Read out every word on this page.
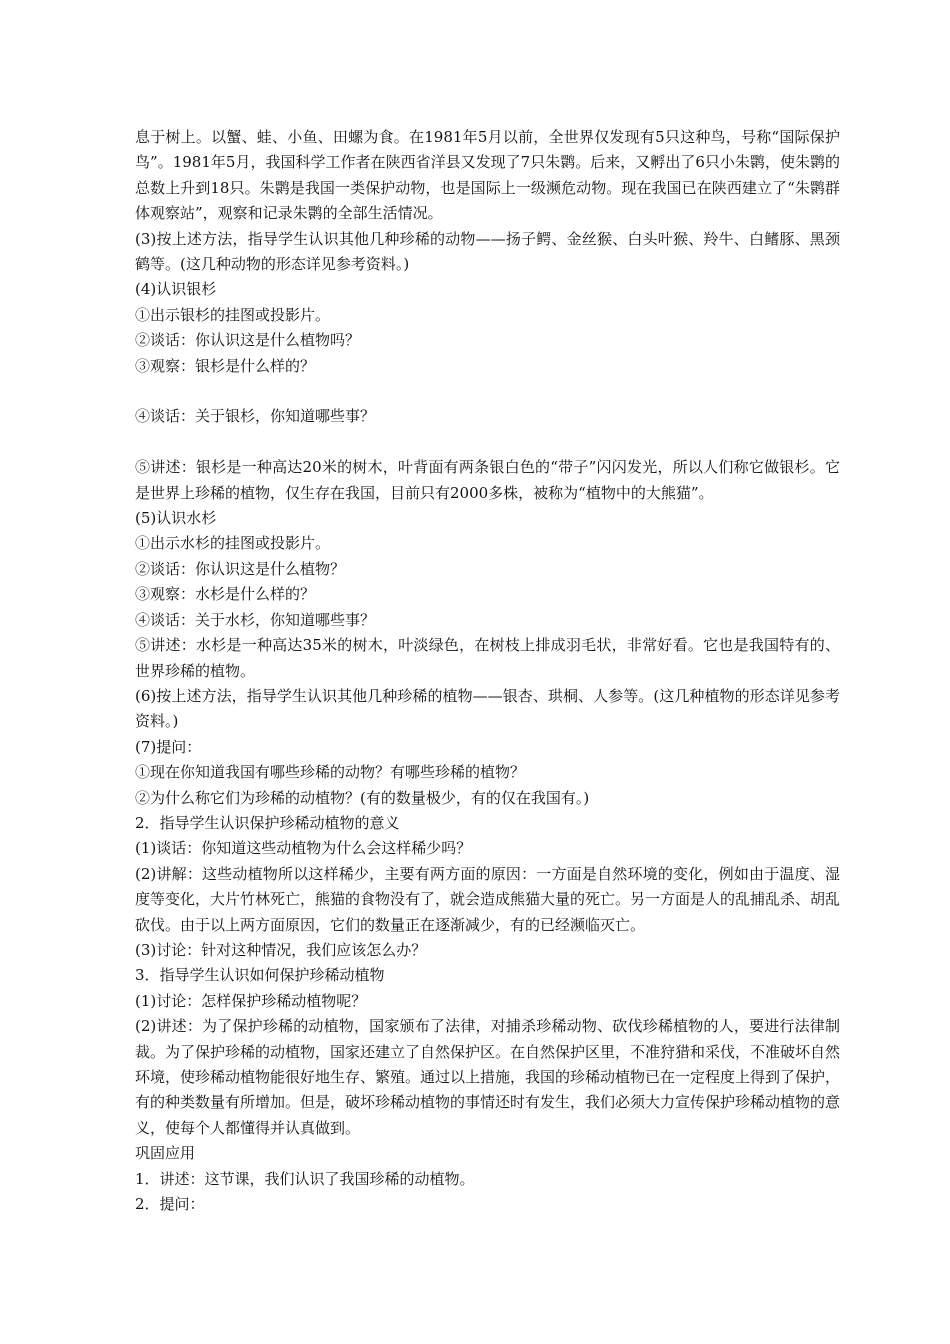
息于树上。以蟹、蛙、小鱼、田螺为食。在1981年5月以前，全世界仅发现有5只这种鸟，号称“国际保护鸟”。1981年5月，我国科学工作者在陕西省洋县又发现了7只朱鹮。后来，又孵出了6只小朱鹮，使朱鹮的总数上升到18只。朱鹮是我国一类保护动物，也是国际上一级濒危动物。现在我国已在陕西建立了“朱鹮群体观察站”，观察和记录朱鹮的全部生活情况。

(3)按上述方法，指导学生认识其他几种珍稀的动物——扬子鳄、金丝猴、白头叶猴、羚牛、白鳍豚、黑颈鹤等。(这几种动物的形态详见参考资料。)

(4)认识银杉

①出示银杉的挂图或投影片。

②谈话：你认识这是什么植物吗？

③观察：银杉是什么样的？

④谈话：关于银杉，你知道哪些事？

⑤讲述：银杉是一种高达20米的树木，叶背面有两条银白色的“带子”闪闪发光，所以人们称它做银杉。它是世界上珍稀的植物，仅生存在我国，目前只有2000多株，被称为“植物中的大熊猫”。

(5)认识水杉

①出示水杉的挂图或投影片。

②谈话：你认识这是什么植物？

③观察：水杉是什么样的？

④谈话：关于水杉，你知道哪些事？

⑤讲述：水杉是一种高达35米的树木，叶淡绿色，在树枝上排成羽毛状，非常好看。它也是我国特有的、世界珍稀的植物。

(6)按上述方法，指导学生认识其他几种珍稀的植物——银杏、珙桐、人参等。(这几种植物的形态详见参考资料。)

(7)提问：

①现在你知道我国有哪些珍稀的动物？有哪些珍稀的植物？

②为什么称它们为珍稀的动植物？(有的数量极少，有的仅在我国有。)

2．指导学生认识保护珍稀动植物的意义

(1)谈话：你知道这些动植物为什么会这样稀少吗？

(2)讲解：这些动植物所以这样稀少，主要有两方面的原因：一方面是自然环境的变化，例如由于温度、湿度等变化，大片竹林死亡，熊猫的食物没有了，就会造成熊猫大量的死亡。另一方面是人的乱捕乱杀、胡乱砍伐。由于以上两方面原因，它们的数量正在逐渐减少，有的已经濒临灭亡。

(3)讨论：针对这种情况，我们应该怎么办？

3．指导学生认识如何保护珍稀动植物

(1)讨论：怎样保护珍稀动植物呢？

(2)讲述：为了保护珍稀的动植物，国家颁布了法律，对捕杀珍稀动物、砍伐珍稀植物的人，要进行法律制裁。为了保护珍稀的动植物，国家还建立了自然保护区。在自然保护区里，不准狩猎和采伐，不准破坏自然环境，使珍稀动植物能很好地生存、繁殖。通过以上措施，我国的珍稀动植物已在一定程度上得到了保护，有的种类数量有所增加。但是，破坏珍稀动植物的事情还时有发生，我们必须大力宣传保护珍稀动植物的意义，使每个人都懂得并认真做到。

巩固应用

1．讲述：这节课，我们认识了我国珍稀的动植物。

2．提问：
